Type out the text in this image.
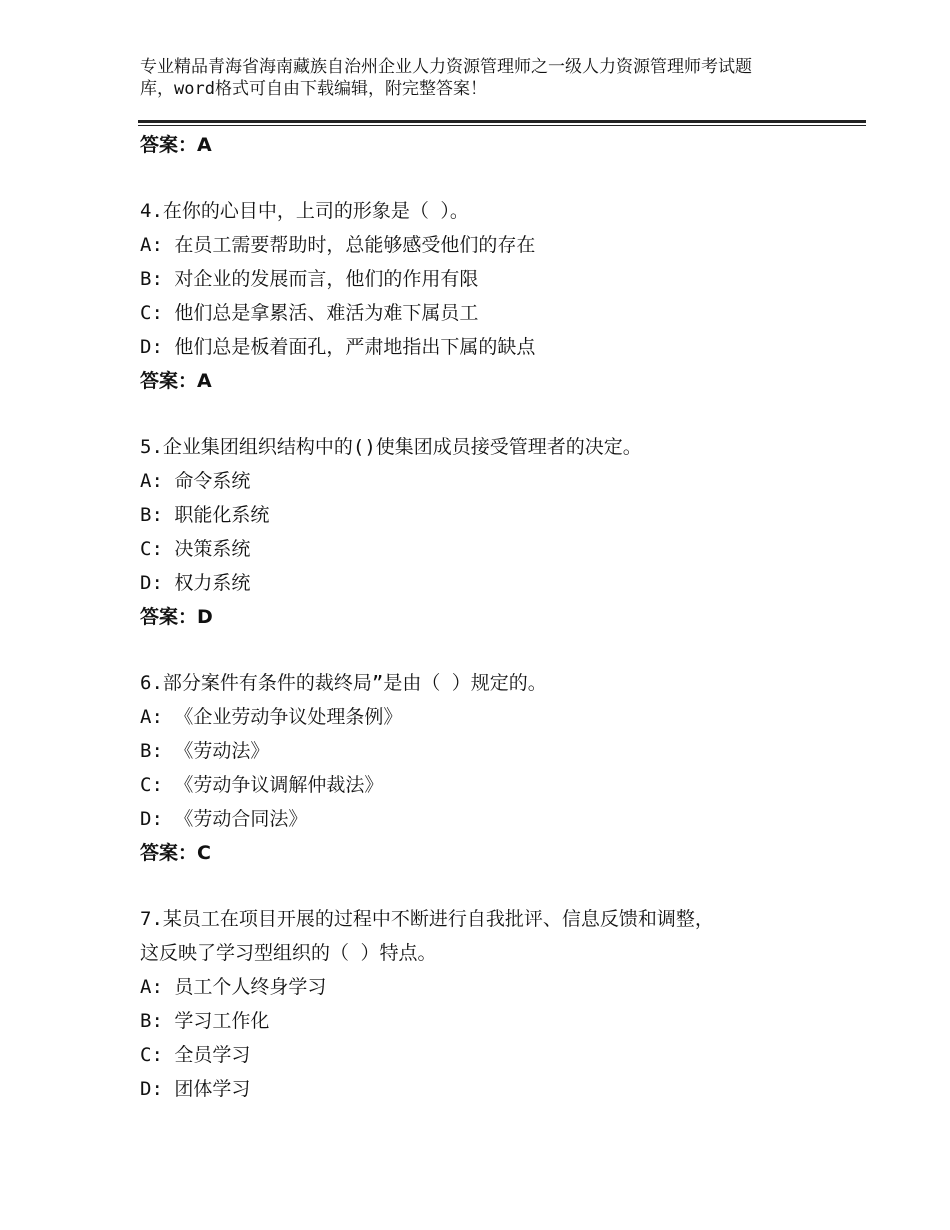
专业精品青海省海南藏族自治州企业人力资源管理师之一级人力资源管理师考试题
库，word格式可自由下载编辑，附完整答案！
答案：A
4.在你的心目中，上司的形象是（ ）。
A: 在员工需要帮助时，总能够感受他们的存在
B: 对企业的发展而言，他们的作用有限
C: 他们总是拿累活、难活为难下属员工
D: 他们总是板着面孔，严肃地指出下属的缺点
答案：A
5.企业集团组织结构中的()使集团成员接受管理者的决定。
A: 命令系统
B: 职能化系统
C: 决策系统
D: 权力系统
答案：D
6.部分案件有条件的裁终局”是由（ ）规定的。
A: 《企业劳动争议处理条例》
B: 《劳动法》
C: 《劳动争议调解仲裁法》
D: 《劳动合同法》
答案：C
7.某员工在项目开展的过程中不断进行自我批评、信息反馈和调整，
这反映了学习型组织的（ ）特点。
A: 员工个人终身学习
B: 学习工作化
C: 全员学习
D: 团体学习
